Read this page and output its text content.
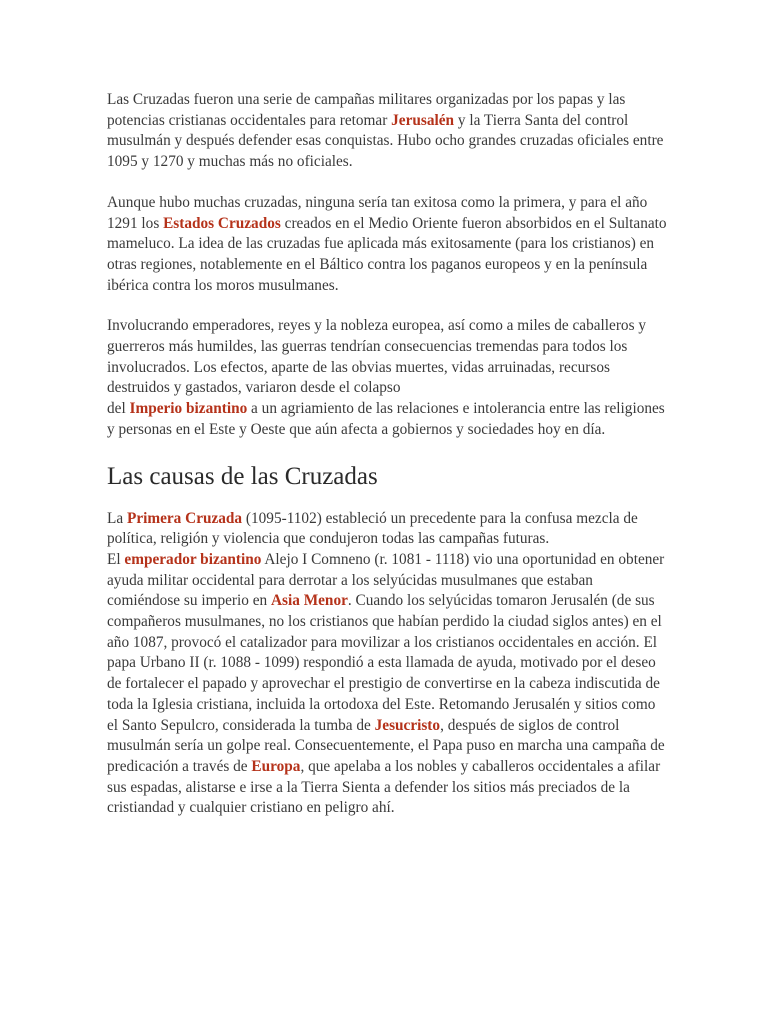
Las Cruzadas fueron una serie de campañas militares organizadas por los papas y las potencias cristianas occidentales para retomar Jerusalén y la Tierra Santa del control musulmán y después defender esas conquistas. Hubo ocho grandes cruzadas oficiales entre 1095 y 1270 y muchas más no oficiales.

Aunque hubo muchas cruzadas, ninguna sería tan exitosa como la primera, y para el año 1291 los Estados Cruzados creados en el Medio Oriente fueron absorbidos en el Sultanato mameluco. La idea de las cruzadas fue aplicada más exitosamente (para los cristianos) en otras regiones, notablemente en el Báltico contra los paganos europeos y en la península ibérica contra los moros musulmanes.

Involucrando emperadores, reyes y la nobleza europea, así como a miles de caballeros y guerreros más humildes, las guerras tendrían consecuencias tremendas para todos los involucrados. Los efectos, aparte de las obvias muertes, vidas arruinadas, recursos destruidos y gastados, variaron desde el colapso
del Imperio bizantino a un agriamiento de las relaciones e intolerancia entre las religiones y personas en el Este y Oeste que aún afecta a gobiernos y sociedades hoy en día.

Las causas de las Cruzadas

La Primera Cruzada (1095-1102) estableció un precedente para la confusa mezcla de política, religión y violencia que condujeron todas las campañas futuras.
El emperador bizantino Alejo I Comneno (r. 1081 - 1118) vio una oportunidad en obtener ayuda militar occidental para derrotar a los selyúcidas musulmanes que estaban comiéndose su imperio en Asia Menor. Cuando los selyúcidas tomaron Jerusalén (de sus compañeros musulmanes, no los cristianos que habían perdido la ciudad siglos antes) en el año 1087, provocó el catalizador para movilizar a los cristianos occidentales en acción. El papa Urbano II (r. 1088 - 1099) respondió a esta llamada de ayuda, motivado por el deseo de fortalecer el papado y aprovechar el prestigio de convertirse en la cabeza indiscutida de toda la Iglesia cristiana, incluida la ortodoxa del Este. Retomando Jerusalén y sitios como el Santo Sepulcro, considerada la tumba de Jesucristo, después de siglos de control musulmán sería un golpe real. Consecuentemente, el Papa puso en marcha una campaña de predicación a través de Europa, que apelaba a los nobles y caballeros occidentales a afilar sus espadas, alistarse e irse a la Tierra Sienta a defender los sitios más preciados de la cristiandad y cualquier cristiano en peligro ahí.
